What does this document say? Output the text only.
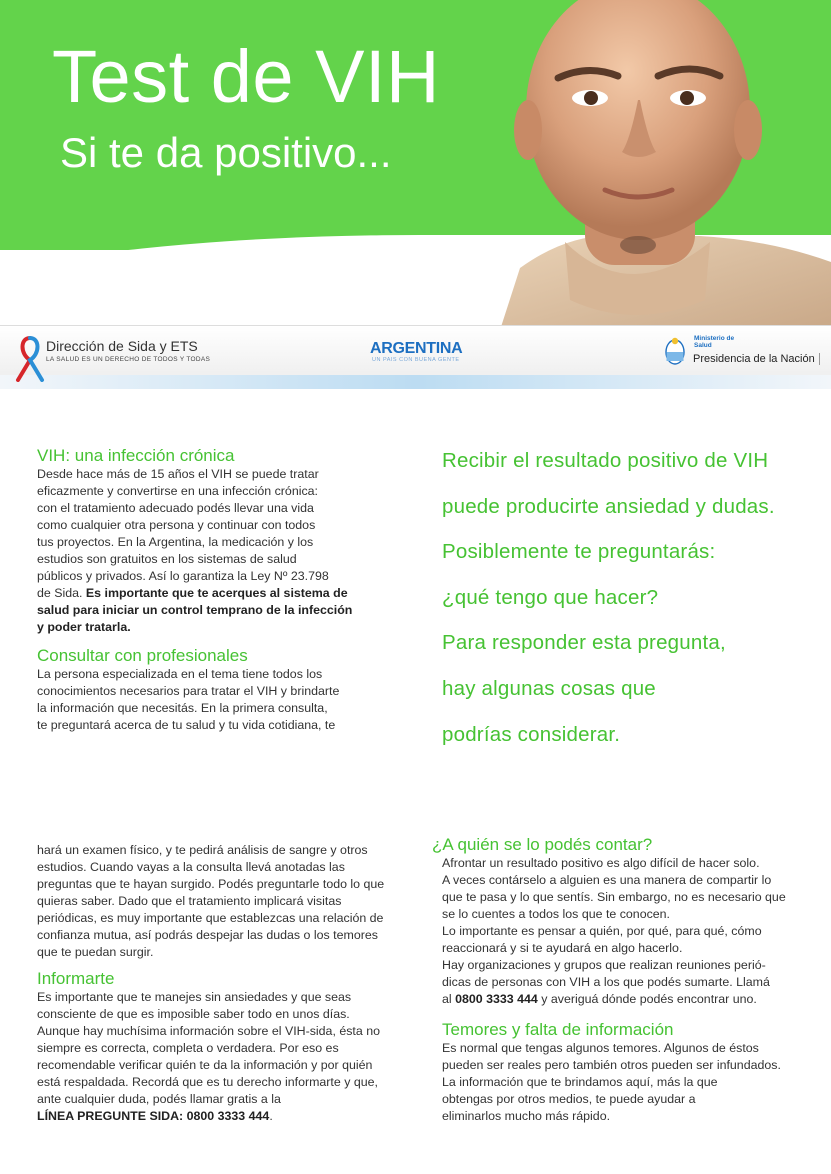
Test de VIH
Si te da positivo...
Dirección de Sida y ETS
LA SALUD ES UN DERECHO DE TODOS Y TODAS
ARGENTINA
UN PAIS CON BUENA GENTE
Ministerio de
Salud
Presidencia de la Nación
VIH: una infección crónica

Desde hace más de 15 años el VIH se puede tratar
eficazmente y convertirse en una infección crónica:
con el tratamiento adecuado podés llevar una vida
como cualquier otra persona y continuar con todos
tus proyectos. En la Argentina, la medicación y los
estudios son gratuitos en los sistemas de salud
públicos y privados. Así lo garantiza la Ley Nº 23.798
de Sida. Es importante que te acerques al sistema de
salud para iniciar un control temprano de la infección
y poder tratarla.

Consultar con profesionales

La persona especializada en el tema tiene todos los
conocimientos necesarios para tratar el VIH y brindarte
la información que necesitás. En la primera consulta,
te preguntará acerca de tu salud y tu vida cotidiana, te

Recibir el resultado positivo de VIH

puede producirte ansiedad y dudas.

Posiblemente te preguntarás:

¿qué tengo que hacer?

Para responder esta pregunta,

hay algunas cosas que

podrías considerar.

hará un examen físico, y te pedirá análisis de sangre y otros
estudios. Cuando vayas a la consulta llevá anotadas las
preguntas que te hayan surgido. Podés preguntarle todo lo que
quieras saber. Dado que el tratamiento implicará visitas
periódicas, es muy importante que establezcas una relación de
confianza mutua, así podrás despejar las dudas o los temores
que te puedan surgir.

Informarte

Es importante que te manejes sin ansiedades y que seas
consciente de que es imposible saber todo en unos días.
Aunque hay muchísima información sobre el VIH-sida, ésta no
siempre es correcta, completa o verdadera. Por eso es
recomendable verificar quién te da la información y por quién
está respaldada. Recordá que es tu derecho informarte y que,
ante cualquier duda, podés llamar gratis a la
LÍNEA PREGUNTE SIDA: 0800 3333 444.

¿A quién se lo podés contar?

Afrontar un resultado positivo es algo difícil de hacer solo.
A veces contárselo a alguien es una manera de compartir lo
que te pasa y lo que sentís. Sin embargo, no es necesario que
se lo cuentes a todos los que te conocen.
Lo importante es pensar a quién, por qué, para qué, cómo
reaccionará y si te ayudará en algo hacerlo.
Hay organizaciones y grupos que realizan reuniones perió-
dicas de personas con VIH a los que podés sumarte. Llamá
al 0800 3333 444 y averiguá dónde podés encontrar uno.

Temores y falta de información

Es normal que tengas algunos temores. Algunos de éstos
pueden ser reales pero también otros pueden ser infundados.
La información que te brindamos aquí, más la que
obtengas por otros medios, te puede ayudar a
eliminarlos mucho más rápido.
